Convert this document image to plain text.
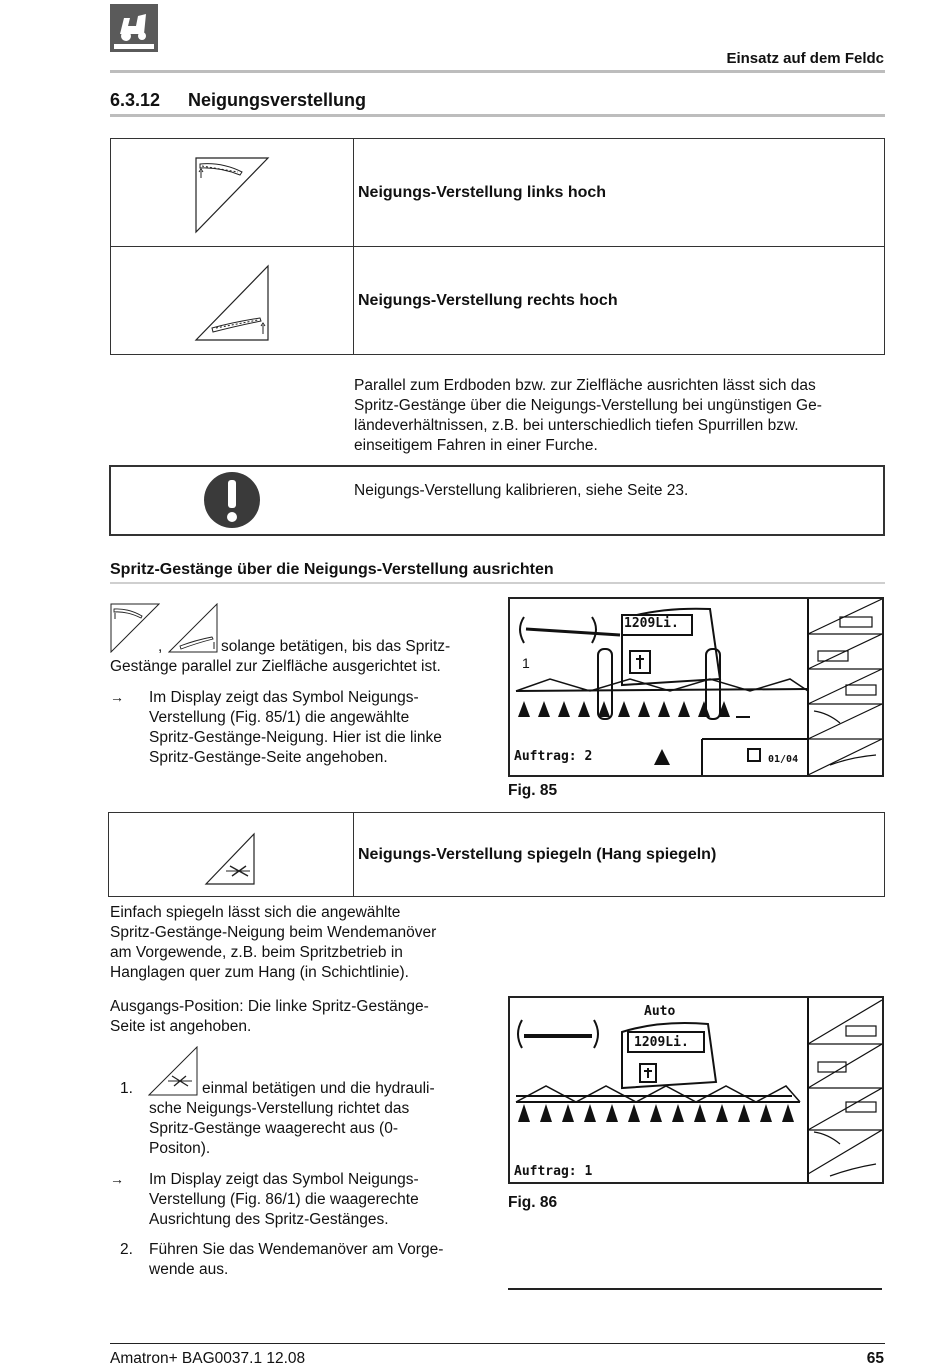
Einsatz auf dem Feldc
6.3.12 Neigungsverstellung
	Neigungs-Verstellung links hoch
	Neigungs-Verstellung rechts hoch

Parallel zum Erdboden bzw. zur Zielfläche ausrichten lässt sich das

Spritz-Gestänge über die Neigungs-Verstellung bei ungünstigen Ge-

ländeverhältnissen, z.B. bei unterschiedlich tiefen Spurrillen bzw.

einseitigem Fahren in einer Furche.

Neigungs-Verstellung kalibrieren, siehe Seite 23.
Spritz-Gestänge über die Neigungs-Verstellung ausrichten
,	solange betätigen, bis das Spritz-
Gestänge parallel zur Zielfläche ausgerichtet ist.
→ Im Display zeigt das Symbol Neigungs-

Verstellung (Fig. 85/1) die angewählte

Spritz-Gestänge-Neigung. Hier ist die linke

Spritz-Gestänge-Seite angehoben.

1209Li.
1
Auftrag: 2	01/04
Fig. 85
	Neigungs-Verstellung spiegeln (Hang spiegeln)

Einfach spiegeln lässt sich die angewählte

Spritz-Gestänge-Neigung beim Wendemanöver

am Vorgewende, z.B. beim Spritzbetrieb in

Hanglagen quer zum Hang (in Schichtlinie).

Ausgangs-Position: Die linke Spritz-Gestänge-

Seite ist angehoben.

1.	einmal betätigen und die hydrauli-

sche Neigungs-Verstellung richtet das

Spritz-Gestänge waagerecht aus (0-

Positon).

→ Im Display zeigt das Symbol Neigungs-

Verstellung (Fig. 86/1) die waagerechte

Ausrichtung des Spritz-Gestänges.

2. Führen Sie das Wendemanöver am Vorge-

wende aus.

Auto
1209Li.
Auftrag: 1
Fig. 86
Amatron+ BAG0037.1 12.08	65
